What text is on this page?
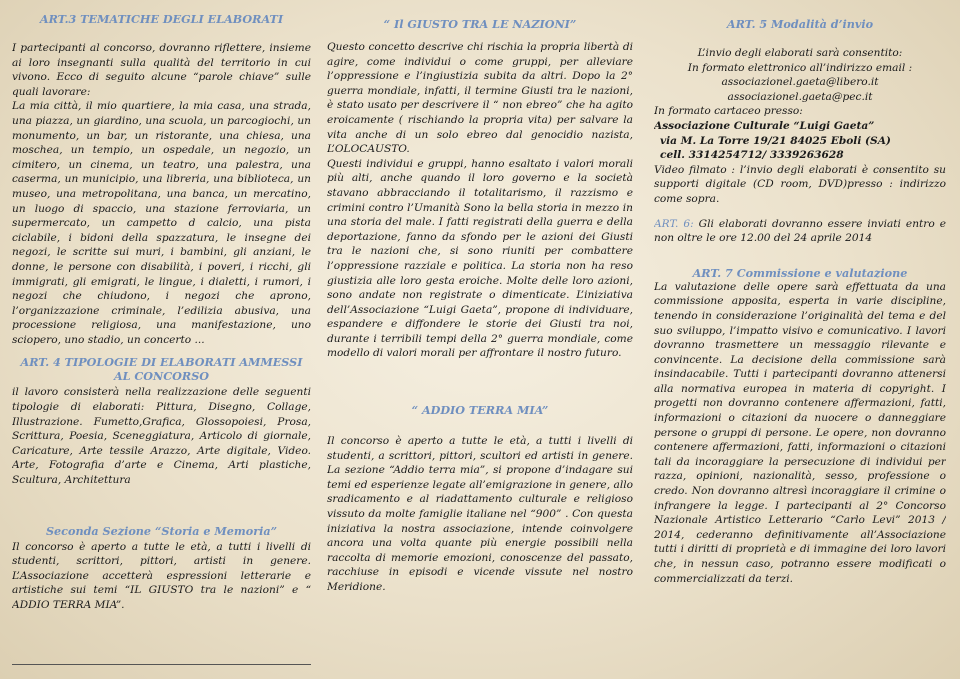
ART.3 TEMATICHE DEGLI ELABORATI

I partecipanti al concorso, dovranno riflettere, insieme ai loro insegnanti sulla qualità del territorio in cui vivono. Ecco di seguito alcune “parole chiave” sulle quali lavorare:

La mia città, il mio quartiere, la mia casa, una strada, una piazza, un giardino, una scuola, un parcogiochi, un monumento, un bar, un ristorante, una chiesa, una moschea, un tempio, un ospedale, un negozio, un cimitero, un cinema, un teatro, una palestra, una caserma, un municipio, una libreria, una biblioteca, un museo, una metropolitana, una banca, un mercatino, un luogo di spaccio, una stazione ferroviaria, un supermercato, un campetto d calcio, una pista ciclabile, i bidoni della spazzatura, le insegne dei negozi, le scritte sui muri, i bambini, gli anziani, le donne, le persone con disabilità, i poveri, i ricchi, gli immigrati, gli emigrati, le lingue, i dialetti, i rumori, i negozi che chiudono, i negozi che aprono, l’organizzazione criminale, l’edilizia abusiva, una processione religiosa, una manifestazione, uno sciopero, uno stadio, un concerto ...

ART. 4 TIPOLOGIE DI ELABORATI AMMESSI AL CONCORSO

il lavoro consisterà nella realizzazione delle seguenti tipologie di elaborati: Pittura, Disegno, Collage, Illustrazione. Fumetto,Grafica, Glossopoiesi, Prosa, Scrittura, Poesia, Sceneggiatura, Articolo di giornale, Caricature, Arte tessile Arazzo, Arte digitale, Video. Arte, Fotografia d’arte e Cinema, Arti plastiche, Scultura, Architettura

Seconda Sezione “Storia e Memoria”

Il concorso è aperto a tutte le età, a tutti i livelli di studenti, scrittori, pittori, artisti in genere. L’Associazione accetterà espressioni letterarie e artistiche sui temi “IL GIUSTO tra le nazioni” e “ ADDIO TERRA MIA”.

“ Il GIUSTO TRA LE NAZIONI”

Questo concetto descrive chi rischia la propria libertà di agire, come individui o come gruppi, per alleviare l’oppressione e l’ingiustizia subita da altri. Dopo la 2° guerra mondiale, infatti, il termine Giusti tra le nazioni, è stato usato per descrivere il “ non ebreo” che ha agito eroicamente ( rischiando la propria vita) per salvare la vita anche di un solo ebreo dal genocidio nazista, L’OLOCAUSTO.

Questi individui e gruppi, hanno esaltato i valori morali più alti, anche quando il loro governo e la società stavano abbracciando il totalitarismo, il razzismo e crimini contro l’Umanità Sono la bella storia in mezzo in una storia del male. I fatti registrati della guerra e della deportazione, fanno da sfondo per le azioni dei Giusti tra le nazioni che, si sono riuniti per combattere l’oppressione razziale e politica. La storia non ha reso giustizia alle loro gesta eroiche. Molte delle loro azioni, sono andate non registrate o dimenticate. L’iniziativa dell’Associazione “Luigi Gaeta”, propone di individuare, espandere e diffondere le storie dei Giusti tra noi, durante i terribili tempi della 2° guerra mondiale, come modello di valori morali per affrontare il nostro futuro.

“ ADDIO TERRA MIA”

Il concorso è aperto a tutte le età, a tutti i livelli di studenti, a scrittori, pittori, scultori ed artisti in genere. La sezione “Addio terra mia”, si propone d’indagare sui temi ed esperienze legate all’emigrazione in genere, allo sradicamento e al riadattamento culturale e religioso vissuto da molte famiglie italiane nel “900” . Con questa iniziativa la nostra associazione, intende coinvolgere ancora una volta quante più energie possibili nella raccolta di memorie emozioni, conoscenze del passato, racchiuse in episodi e vicende vissute nel nostro Meridione.

ART. 5 Modalità d’invio

L’invio degli elaborati sarà consentito:

In formato elettronico all’indirizzo email :

associazionel.gaeta@libero.it

associazionel.gaeta@pec.it

In formato cartaceo presso:

Associazione Culturale “Luigi Gaeta”

via M. La Torre 19/21 84025 Eboli (SA)

cell. 3314254712/ 3339263628

Video filmato : l’invio degli elaborati è consentito su supporti digitale (CD room, DVD)presso : indirizzo come sopra.

ART. 6: Gli elaborati dovranno essere inviati entro e non oltre le ore 12.00 del 24 aprile 2014

ART. 7 Commissione e valutazione

La valutazione delle opere sarà effettuata da una commissione apposita, esperta in varie discipline, tenendo in considerazione l’originalità del tema e del suo sviluppo, l’impatto visivo e comunicativo. I lavori dovranno trasmettere un messaggio rilevante e convincente. La decisione della commissione sarà insindacabile. Tutti i partecipanti dovranno attenersi alla normativa europea in materia di copyright. I progetti non dovranno contenere affermazioni, fatti, informazioni o citazioni da nuocere o danneggiare persone o gruppi di persone. Le opere, non dovranno contenere affermazioni, fatti, informazioni o citazioni tali da incoraggiare la persecuzione di individui per razza, opinioni, nazionalità, sesso, professione o credo. Non dovranno altresì incoraggiare il crimine o infrangere la legge. I partecipanti al 2° Concorso Nazionale Artistico Letterario “Carlo Levi” 2013 / 2014, cederanno definitivamente all’Associazione tutti i diritti di proprietà e di immagine dei loro lavori che, in nessun caso, potranno essere modificati o commercializzati da terzi.
